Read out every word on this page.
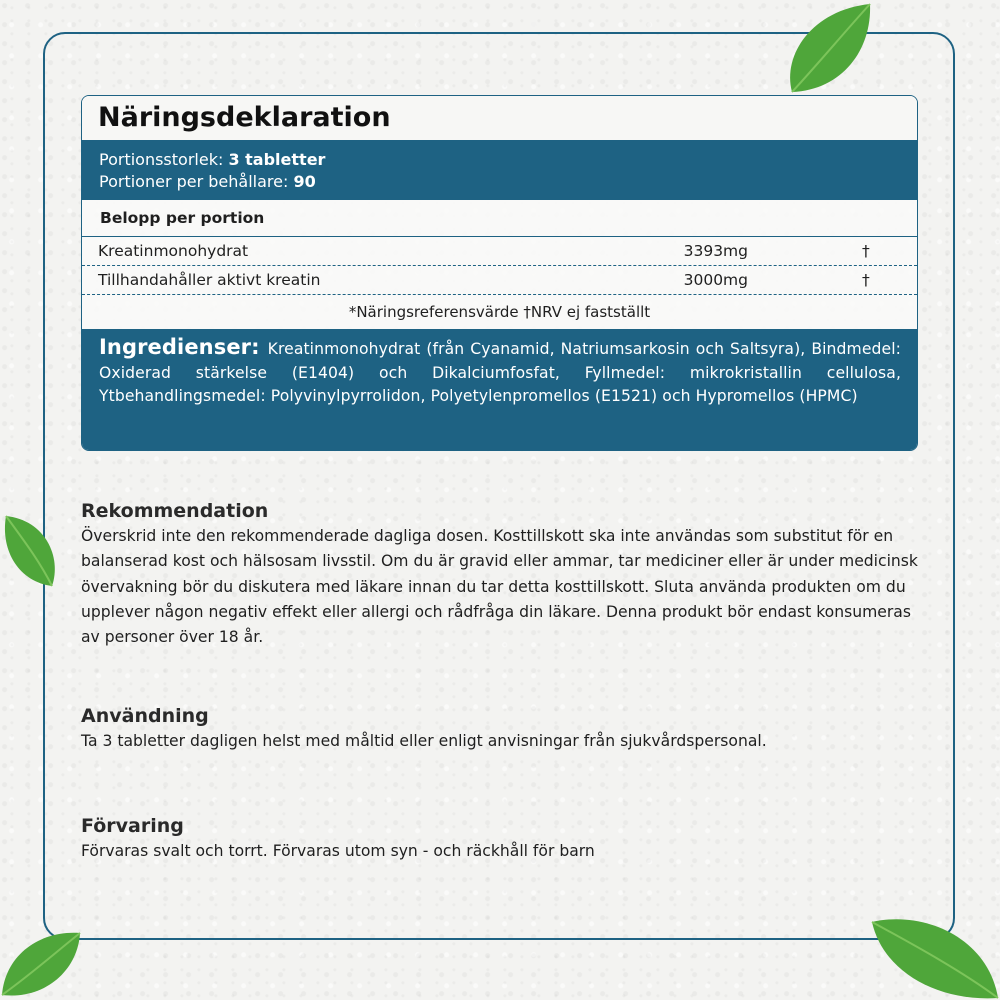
Näringsdeklaration
Portionsstorlek: 3 tabletter
Portioner per behållare: 90
Belopp per portion
Kreatinmonohydrat	3393mg	†
Tillhandahåller aktivt kreatin	3000mg	†
*Näringsreferensvärde †NRV ej fastställt
Ingredienser: Kreatinmonohydrat (från Cyanamid, Natriumsarkosin och Saltsyra), Bindmedel: Oxiderad stärkelse (E1404) och Dikalciumfosfat, Fyllmedel: mikrokristallin cellulosa, Ytbehandlingsmedel: Polyvinylpyrrolidon, Polyetylenpromellos (E1521) och Hypromellos (HPMC)
Rekommendation

Överskrid inte den rekommenderade dagliga dosen. Kosttillskott ska inte användas som substitut för en balanserad kost och hälsosam livsstil. Om du är gravid eller ammar, tar mediciner eller är under medicinsk övervakning bör du diskutera med läkare innan du tar detta kosttillskott. Sluta använda produkten om du upplever någon negativ effekt eller allergi och rådfråga din läkare. Denna produkt bör endast konsumeras av personer över 18 år.

Användning

Ta 3 tabletter dagligen helst med måltid eller enligt anvisningar från sjukvårdspersonal.

Förvaring

Förvaras svalt och torrt. Förvaras utom syn - och räckhåll för barn
